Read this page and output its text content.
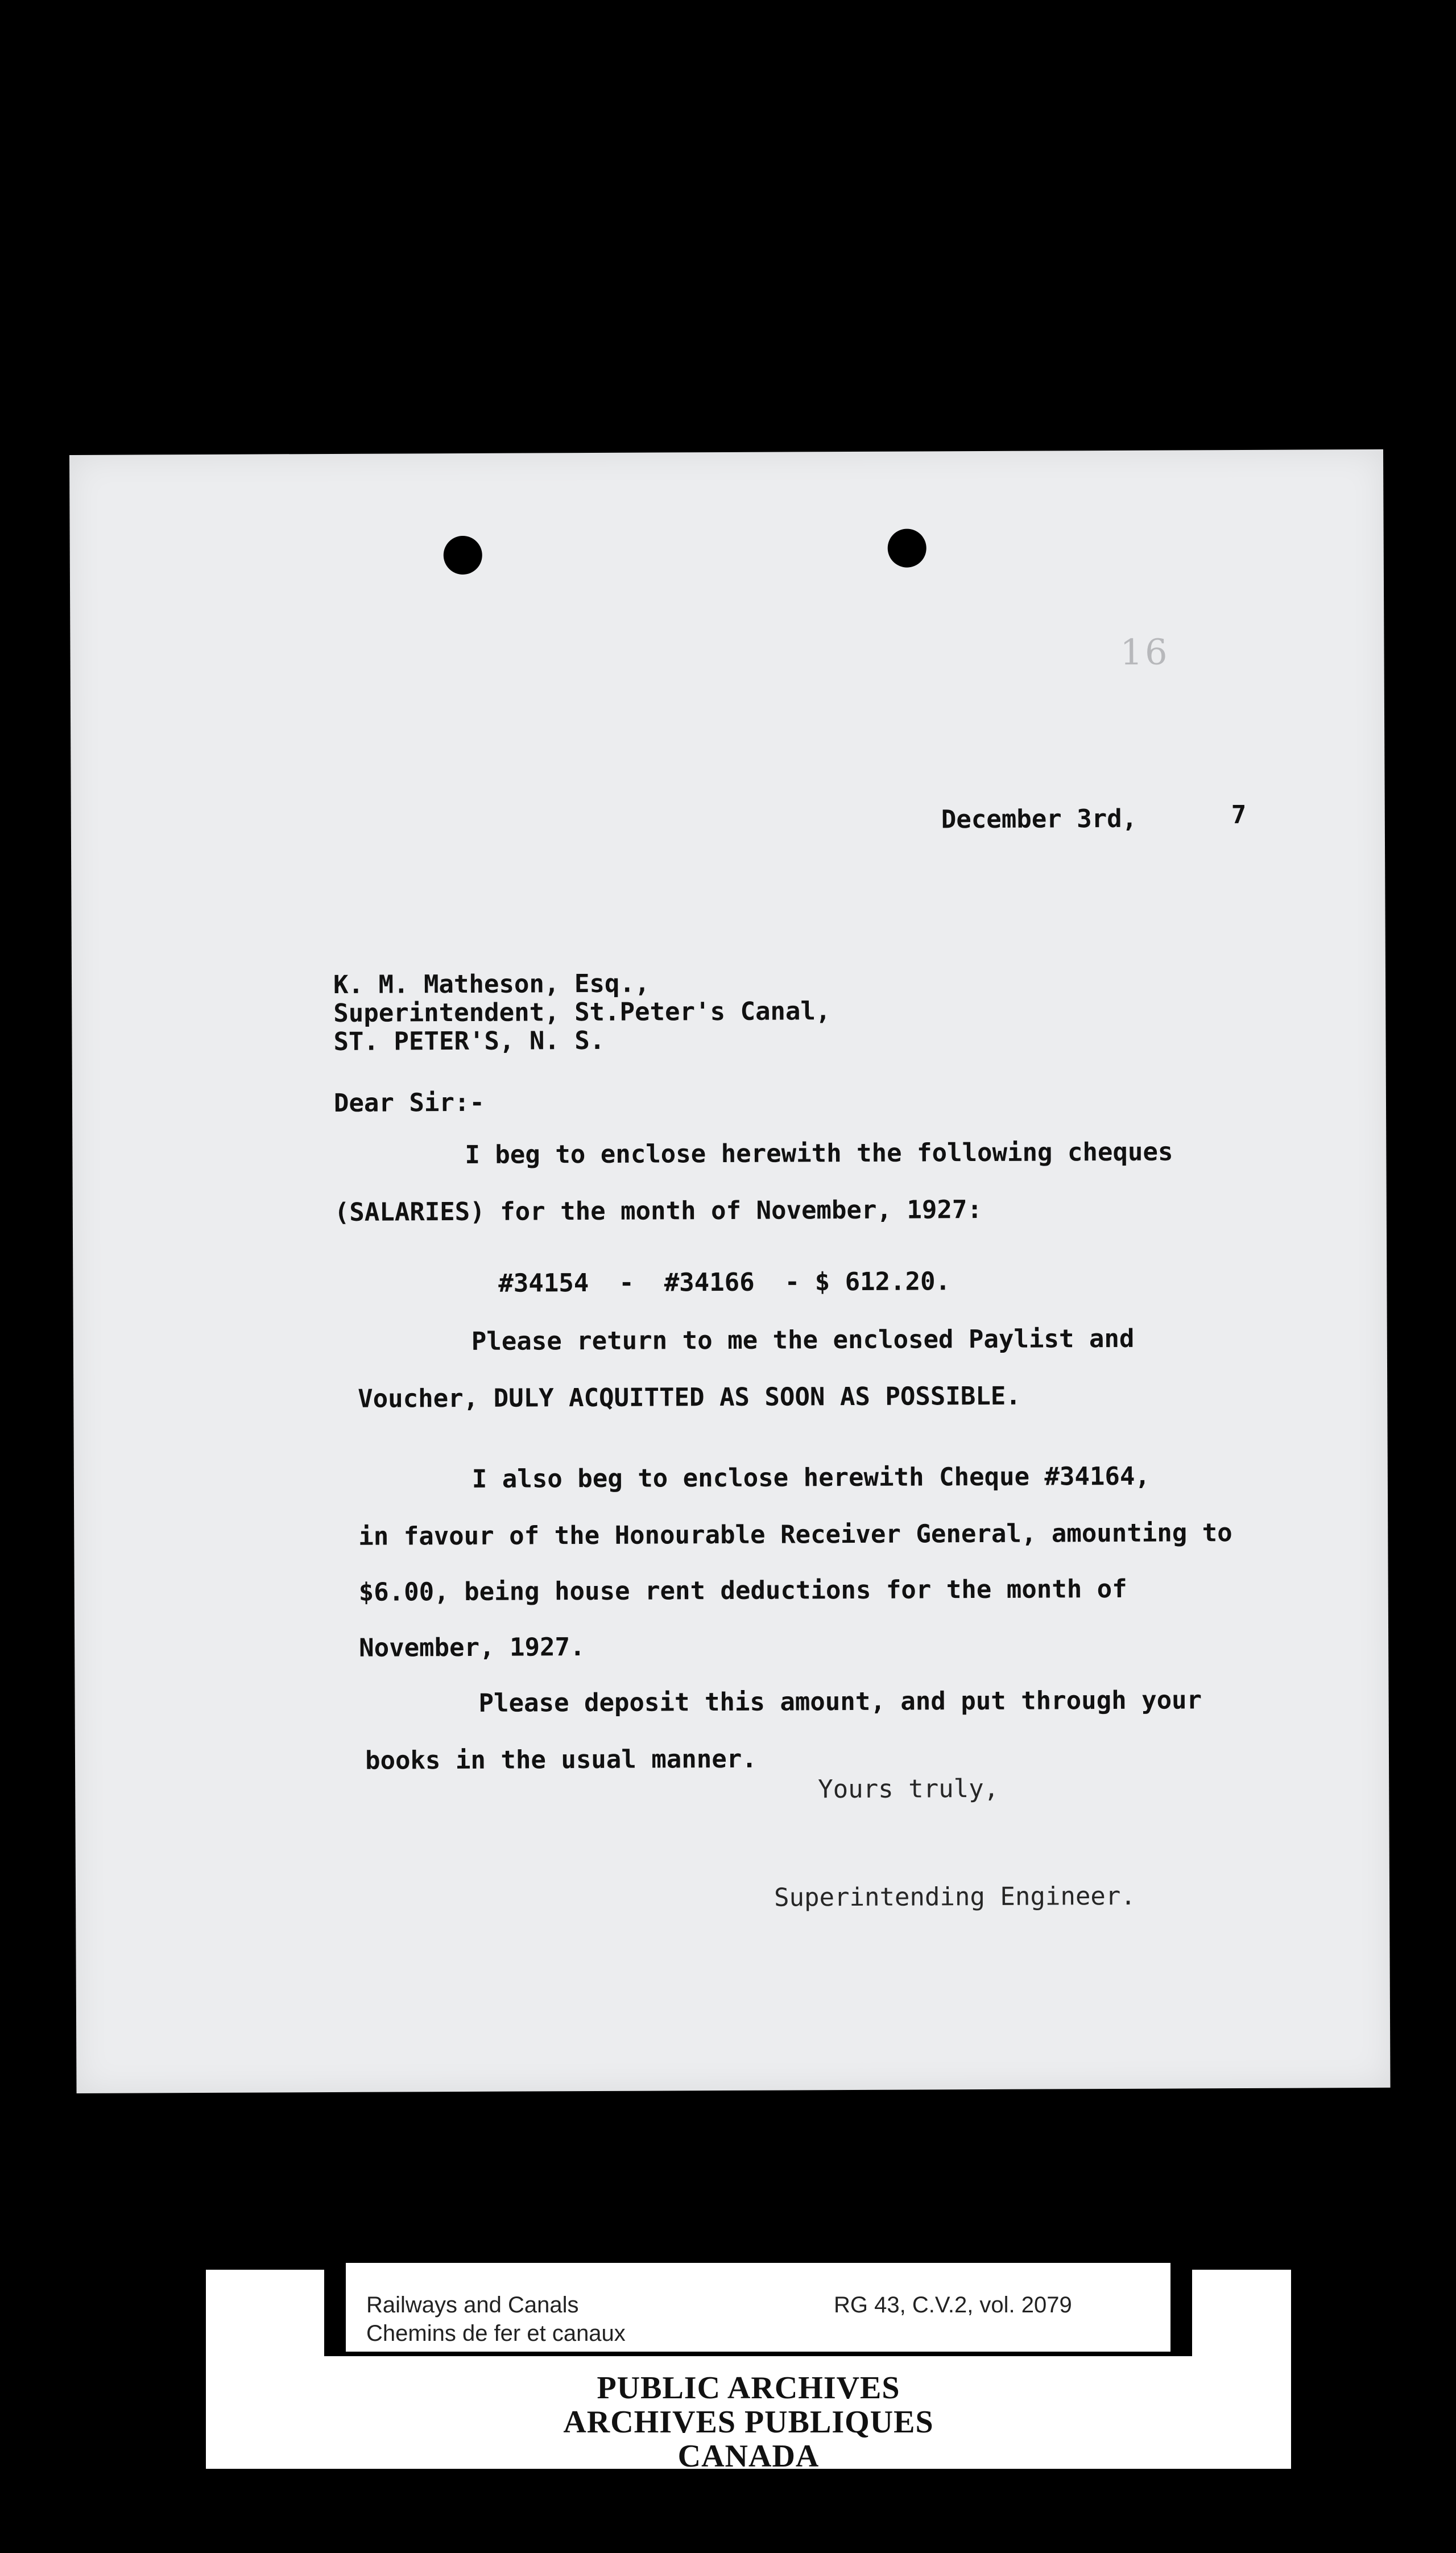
16
December 3rd,	7
K. M. Matheson, Esq.,
Superintendent, St.Peter's Canal,
ST. PETER'S, N. S.
Dear Sir:-
I beg to enclose herewith the following cheques
(SALARIES) for the month of November, 1927:
#34154  -  #34166  - $ 612.20.
Please return to me the enclosed Paylist and
Voucher, DULY ACQUITTED AS SOON AS POSSIBLE.
I also beg to enclose herewith Cheque #34164,
in favour of the Honourable Receiver General, amounting to
$6.00, being house rent deductions for the month of
November, 1927.
Please deposit this amount, and put through your
books in the usual manner.
Yours truly,
Superintending Engineer.
PUBLIC ARCHIVES
ARCHIVES PUBLIQUES
CANADA
Railways and Canals
Chemins de fer et canaux
RG 43, C.V.2, vol. 2079
